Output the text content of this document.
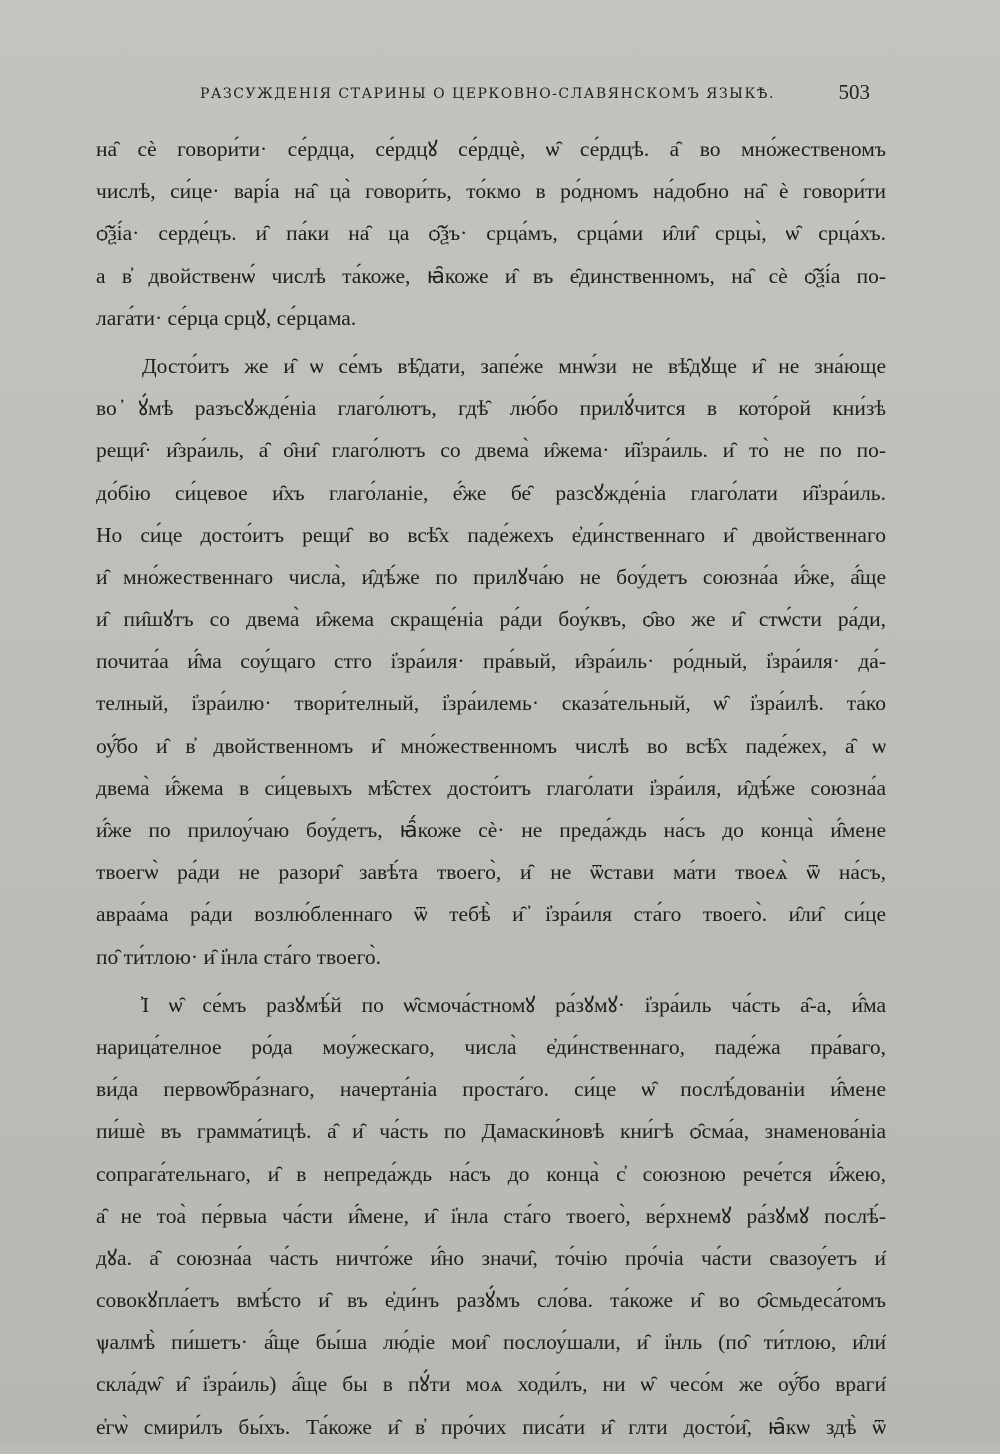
РАЗСУЖДЕНІЯ СТАРИНЫ О ЦЕРКОВНО-СЛАВЯНСКОМЪ ЯЗЫКѢ.	503
на̑ сѐ говори́ти· се́рдца, се́рдцꙋ се́рдцѐ, ѡ̑ се́рдцѣ. а̑ во мно́жественомъ
числѣ, си́це· варі́а на̑ ца̀ говори́ть, то́кмо в ро́дномъ на́добно на̑ ѐ говори́ти
ѻ̑ѯі́а· серде́цъ. и̑ па́ки на̑ ца ѻ̑ѯъ· срца́мъ, срца́ми и̑ли̑ срцы̀, ѡ̑ срца́хъ.
а в̓ двойственѡ́ числѣ та́коже, ꙗ̑коже и̑ въ е̑динственномъ, на̑ сѐ ѻ̑ѯі́а по-
лага́ти· се́рца срцꙋ, се́рцама.
Досто́итъ же и̑ ѡ се́мъ вѣ̑дати, запе́же мнѡ́зи не вѣ̑дꙋще и̑ не зна́юще
во ̓ꙋ́мѣ разъсꙋжде́ніа глаго́лютъ, гдѣ̑ лю́бо прилꙋ́чится в кото́рой кни́зѣ
рещи̑· и̑зра́иль, а̑ о̑ни̑ глаго́лютъ со двема̀ и̑жема· и̑і̓зра́иль. и̑ то̀ не по по-
до́бію си́цевое и̑хъ глаго́ланіе, е̑́же бе̑ разсꙋжде́ніа глаго́лати и̑і̓зра́иль.
Но си́це досто́итъ рещи̑ во всѣ̑х паде́жехъ е̓ди́нственнаго и̑ двойственнаго
и̑ мно́жественнаго числа̀, и̑дѣ́же по прилꙋча́ю не боу́детъ союзна́а и̑́же, а̑́ще
и̑ пи̑шꙋтъ со двема̀ и̑жема скраще́ніа ра́ди боу́квъ, ѻ̑во же и̑ стѡ́сти ра́ди,
почита́а и̑́ма соу́щаго стго і̓зра́иля· пра́вый, и̑зра́иль· ро́дный, і̓зра́иля· да́-
телный, і̓зра́илю· твори́телный, і̓зра́илемь· сказа́тельный, ѡ̑ і̓зра́илѣ. та́ко
оу̑́бо и̑ в̓ двойственномъ и̑ мно́жественномъ числѣ во всѣ̑х паде́жех, а̑ ѡ
двема̀ и̑́жема в си́цевыхъ мѣ̑стех досто́итъ глаго́лати і̓зра́иля, и̑дѣ́же союзна́а
и̑́же по прилоу́чаю боу́детъ, ꙗ̑́коже сѐ· не преда́ждь на́съ до конца̀ и̑́мене
твоегѡ̀ ра́ди не разори̑ завѣ́та твоего̀, и̑ не ѿстави ма́ти твоеѧ̀ ѿ на́съ,
авраа́ма ра́ди возлю́бленнаго ѿ тебѣ̀ и̑ ̓і̓зра́иля ста́го твоего̀. и̑ли̑ си́це
по̑ ти́тлою· и̑ і̓нла ста́го твоего̀.
̓І ѡ̑ се́мъ разꙋмѣ́й по ѡ̑смоча́стномꙋ ра́зꙋмꙋ· і̓зра́иль ча́сть а̑-а, и̑́ма
нарица́телное ро́да моу́жескаго, числа̀ е̓ди́нственнаго, паде́жа пра́ваго,
ви́да первоѡ̑бра́знаго, начерта́ніа проста́го. си́це ѡ̑ послѣ́дованіи и̑́мене
пи́шѐ въ грамма́тицѣ. а̑ и̑ ча́сть по Дамаски́новѣ кни́гѣ ѻ̑сма́а, знаменова́ніа
сопрага́тельнаго, и̑ в непреда́ждь на́съ до конца̀ с̓ союзною рече́тся и̑́жею,
а̑ не тоа̀ пе́рвыа ча́сти и̑́мене, и̑ і̓нла ста́го твоего̀, ве́рхнемꙋ ра́зꙋмꙋ послѣ́-
дꙋа. а̑ союзна́а ча́сть ничто́же и̑́но значи̑, то́чію про́чіа ча́сти свазоу́етъ и̑
совокꙋпла́етъ вмѣ́сто и̑ въ е̓ди́нъ разꙋ́мъ сло́ва. та́коже и̑ во ѻ̑смьдеса́томъ
ѱалмѣ̀ пи́шетъ· а̑́ще бы́ша лю́діе мои̑ послоу́шали, и̑ і̓нль (по̑ ти́тлою, и̑ли̑
скла́дѡ̑ и̑ і̓зра́иль) а̑́ще бы в пꙋ́ти моѧ ходи́лъ, ни ѡ̑ чесо́м же оу̑́бо враги̑
е̓гѡ̀ смири́лъ бы́хъ. Та́коже и̑ в̓ про́чих писа́ти и̑ глти досто́и̑, ꙗ̑кѡ здѣ̀ ѿ
